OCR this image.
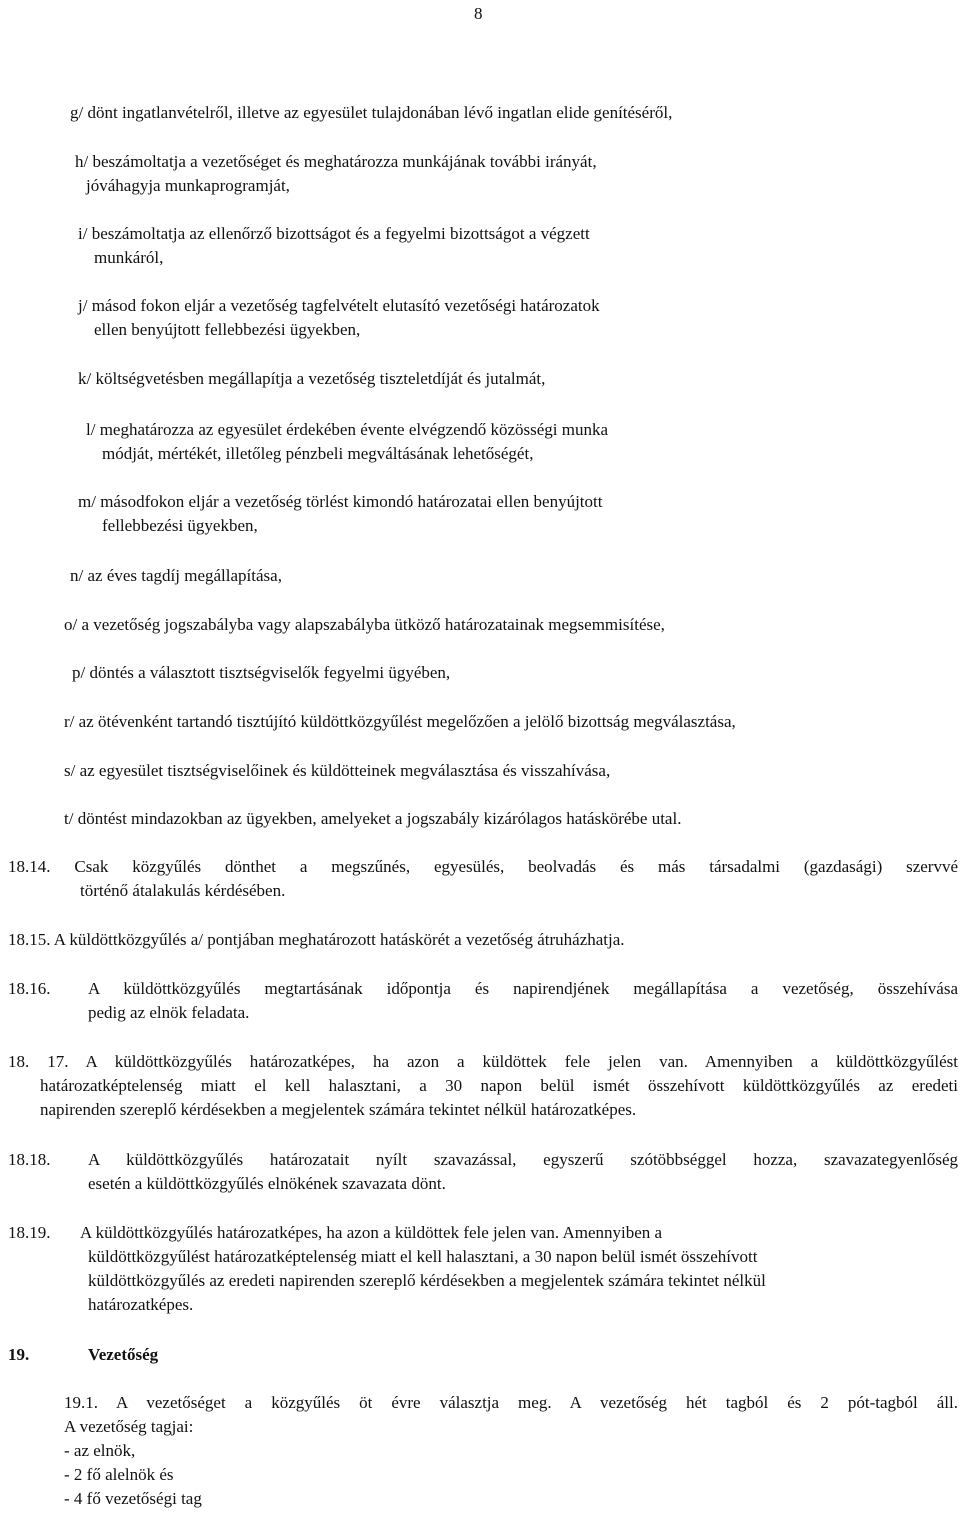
8
g/ dönt ingatlanvételről, illetve az egyesület tulajdonában lévő ingatlan elide genítéséről,
h/ beszámoltatja a vezetőséget és meghatározza munkájának további irányát,
jóváhagyja munkaprogramját,
i/ beszámoltatja az ellenőrző bizottságot és a fegyelmi bizottságot a végzett
munkáról,
j/ másod fokon eljár a vezetőség tagfelvételt elutasító vezetőségi határozatok
ellen benyújtott fellebbezési ügyekben,
k/ költségvetésben megállapítja a vezetőség tiszteletdíját és jutalmát,
l/ meghatározza az egyesület érdekében évente elvégzendő közösségi munka
módját, mértékét, illetőleg pénzbeli megváltásának lehetőségét,
m/ másodfokon eljár a vezetőség törlést kimondó határozatai ellen benyújtott
fellebbezési ügyekben,
n/ az éves tagdíj megállapítása,
o/ a vezetőség jogszabályba vagy alapszabályba ütköző határozatainak megsemmisítése,
p/ döntés a választott tisztségviselők fegyelmi ügyében,
r/ az ötévenként tartandó tisztújító küldöttközgyűlést megelőzően a jelölő bizottság megválasztása,
s/ az egyesület tisztségviselőinek és küldötteinek megválasztása és visszahívása,
t/ döntést mindazokban az ügyekben, amelyeket a jogszabály kizárólagos hatáskörébe utal.
18.14. Csak közgyűlés dönthet a megszűnés, egyesülés, beolvadás és más társadalmi (gazdasági) szervvé
történő átalakulás kérdésében.
18.15. A küldöttközgyűlés a/ pontjában meghatározott hatáskörét a vezetőség átruházhatja.
18.16. A küldöttközgyűlés megtartásának időpontja és napirendjének megállapítása a vezetőség, összehívása
pedig az elnök feladata.
18. 17. A küldöttközgyűlés határozatképes, ha azon a küldöttek fele jelen van. Amennyiben a küldöttközgyűlést
határozatképtelenség miatt el kell halasztani, a 30 napon belül ismét összehívott küldöttközgyűlés az eredeti
napirenden szereplő kérdésekben a megjelentek számára tekintet nélkül határozatképes.
18.18. A küldöttközgyűlés határozatait nyílt szavazással, egyszerű szótöbbséggel hozza, szavazategyenlőség
esetén a küldöttközgyűlés elnökének szavazata dönt.
18.19. A küldöttközgyűlés határozatképes, ha azon a küldöttek fele jelen van. Amennyiben a
küldöttközgyűlést határozatképtelenség miatt el kell halasztani, a 30 napon belül ismét összehívott
küldöttközgyűlés az eredeti napirenden szereplő kérdésekben a megjelentek számára tekintet nélkül
határozatképes.
19.	Vezetőség
19.1. A vezetőséget a közgyűlés öt évre választja meg. A vezetőség hét tagból és 2 pót-tagból áll.
A vezetőség tagjai:
- az elnök,
- 2 fő alelnök és
- 4 fő vezetőségi tag
